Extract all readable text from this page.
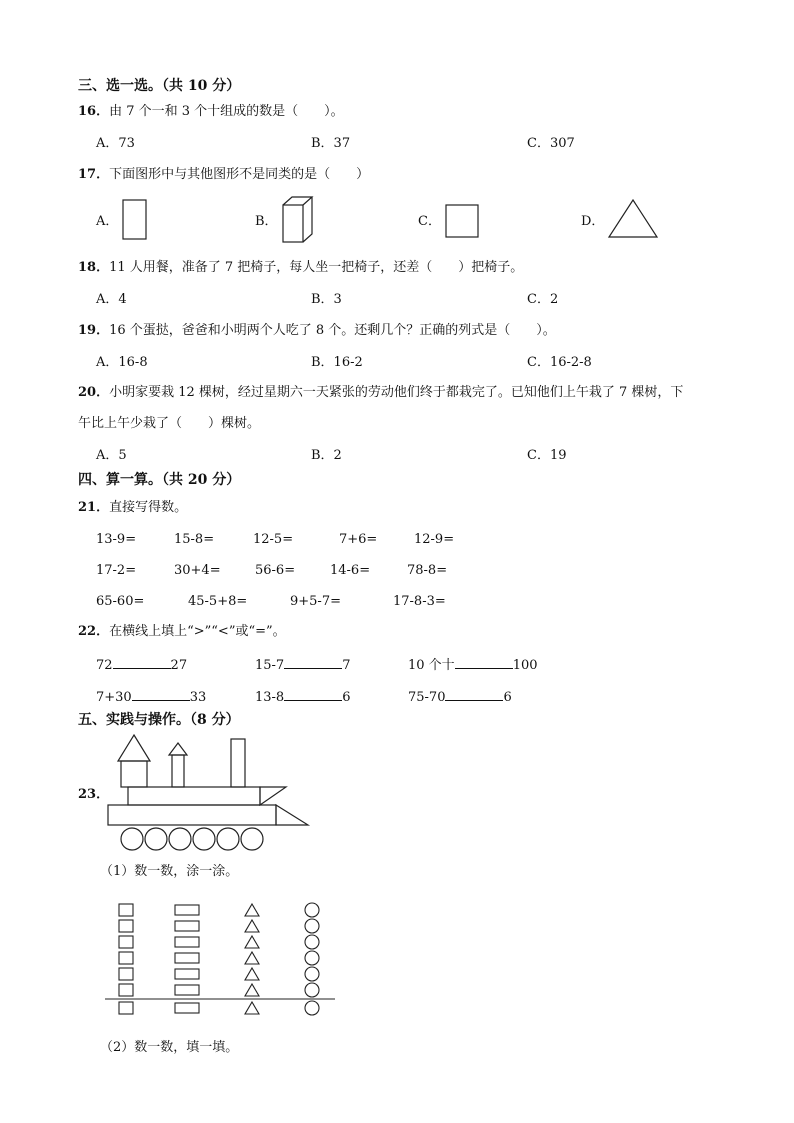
三、选一选。（共 10 分）
16．由 7 个一和 3 个十组成的数是（　　）。
A．73	B．37	C．307
17．下面图形中与其他图形不是同类的是（　　）
A．	B．	C．	D．
18．11 人用餐，准备了 7 把椅子，每人坐一把椅子，还差（　　）把椅子。
A．4	B．3	C．2
19．16 个蛋挞，爸爸和小明两个人吃了 8 个。还剩几个？正确的列式是（　　）。
A．16-8	B．16-2	C．16-2-8
20．小明家要栽 12 棵树，经过星期六一天紧张的劳动他们终于都栽完了。已知他们上午栽了 7 棵树，下
午比上午少栽了（　　）棵树。
A．5	B．2	C．19
四、算一算。（共 20 分）
21．直接写得数。
13-9=	15-8=	12-5=	7+6=	12-9=
17-2=	30+4=	56-6=	14-6=	78-8=
65-60=	45-5+8=	9+5-7=	17-8-3=
22．在横线上填上“>”“<”或“=”。
72	27	15-7	7	10 个十	100
7+30	33	13-8	6	75-70	6
五、实践与操作。（8 分）
23．
（1）数一数，涂一涂。
（2）数一数，填一填。
